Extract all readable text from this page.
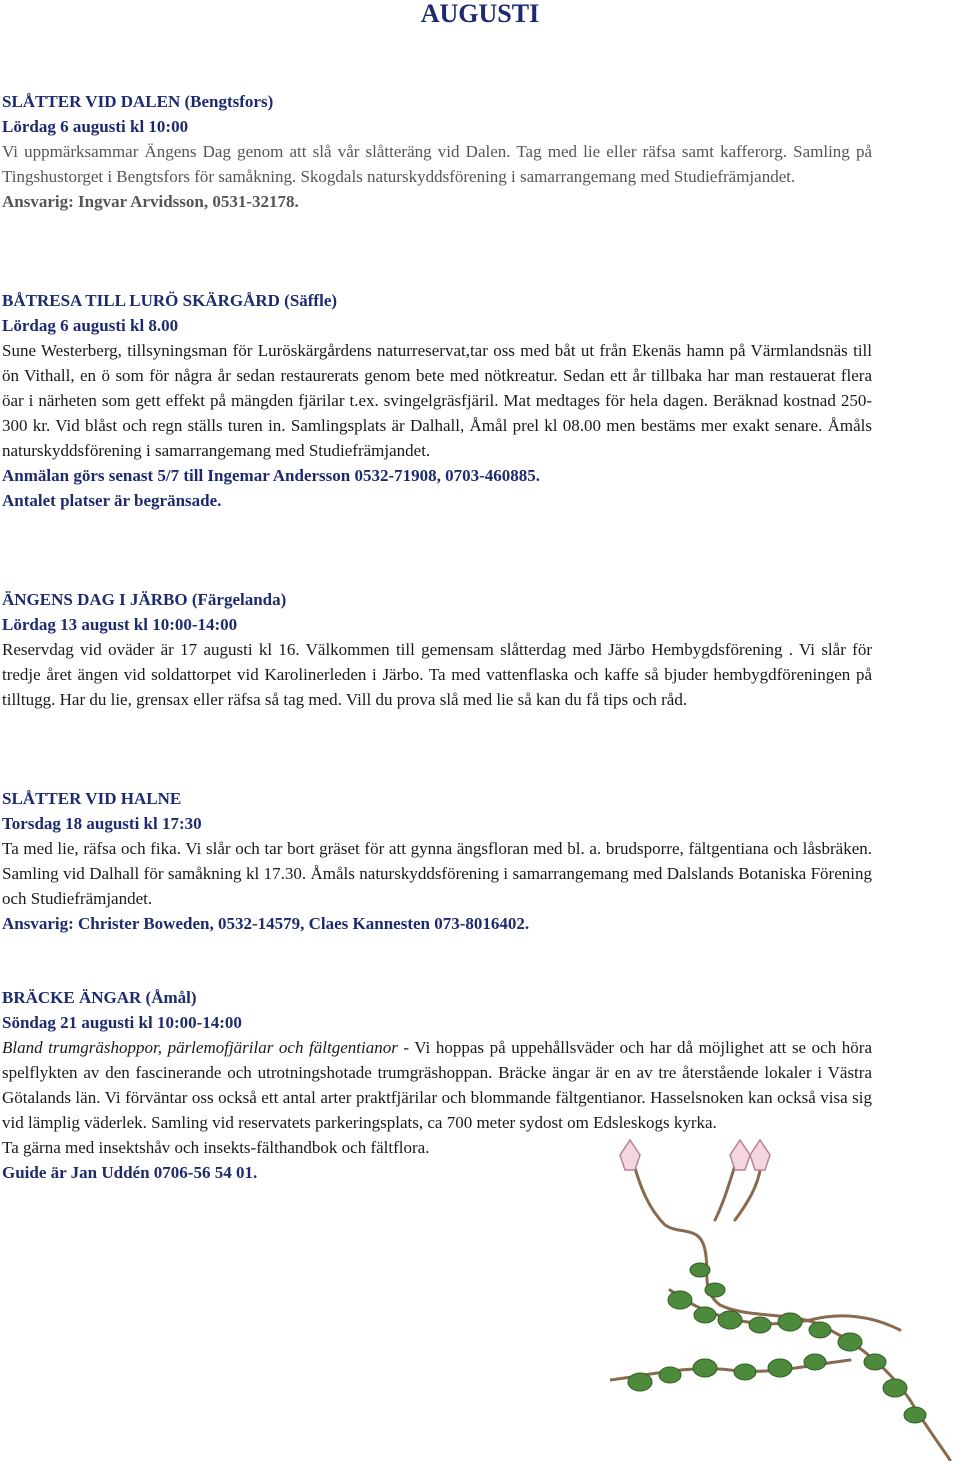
AUGUSTI

SLÅTTER VID DALEN (Bengtsfors)

Lördag 6 augusti kl 10:00

Vi uppmärksammar Ängens Dag genom att slå vår slåtteräng vid Dalen. Tag med lie eller räfsa samt kafferorg. Samling på Tingshustorget i Bengtsfors för samåkning. Skogdals naturskyddsförening i samarrangemang med Studiefrämjandet.

Ansvarig: Ingvar Arvidsson, 0531-32178.

BÅTRESA TILL LURÖ SKÄRGÅRD (Säffle)

Lördag 6 augusti kl 8.00

Sune Westerberg, tillsyningsman för Luröskärgårdens naturreservat,tar oss med båt ut från Ekenäs hamn på Värmlandsnäs till ön Vithall, en ö som för några år sedan restaurerats genom bete med nötkreatur. Sedan ett år tillbaka har man restauerat flera öar i närheten som gett effekt på mängden fjärilar t.ex. svingelgräsfjäril. Mat medtages för hela dagen. Beräknad kostnad 250-300 kr. Vid blåst och regn ställs turen in. Samlingsplats är Dalhall, Åmål prel kl 08.00 men bestäms mer exakt senare. Åmåls naturskyddsförening i samarrangemang med Studiefrämjandet.

Anmälan görs senast 5/7 till Ingemar Andersson 0532-71908, 0703-460885.

Antalet platser är begränsade.

ÄNGENS DAG I JÄRBO (Färgelanda)

Lördag 13 august kl 10:00-14:00

Reservdag vid oväder är 17 augusti kl 16. Välkommen till gemensam slåtterdag med Järbo Hembygdsförening . Vi slår för tredje året ängen vid soldattorpet vid Karolinerleden i Järbo. Ta med vattenflaska och kaffe så bjuder hembygdföreningen på tilltugg. Har du lie, grensax eller räfsa så tag med. Vill du prova slå med lie så kan du få tips och råd.

SLÅTTER VID HALNE

Torsdag 18 augusti kl 17:30

Ta med lie, räfsa och fika. Vi slår och tar bort gräset för att gynna ängsfloran med bl. a. brudsporre, fältgentiana och låsbräken. Samling vid Dalhall för samåkning kl 17.30. Åmåls naturskyddsförening i samarrangemang med Dalslands Botaniska Förening och Studiefrämjandet.

Ansvarig: Christer Boweden, 0532-14579, Claes Kannesten 073-8016402.

BRÄCKE ÄNGAR (Åmål)

Söndag 21 augusti kl 10:00-14:00

Bland trumgräshoppor, pärlemofjärilar och fältgentianor - Vi hoppas på uppehållsväder och har då möjlighet att se och höra spelflykten av den fascinerande och utrotningshotade trumgräshoppan. Bräcke ängar är en av tre återstående lokaler i Västra Götalands län. Vi förväntar oss också ett antal arter praktfjärilar och blommande fältgentianor. Hasselsnoken kan också visa sig vid lämplig väderlek. Samling vid reservatets parkeringsplats, ca 700 meter sydost om Edsleskogs kyrka.

Ta gärna med insektshåv och insekts-fälthandbok och fältflora.

Guide är Jan Uddén 0706-56 54 01.
